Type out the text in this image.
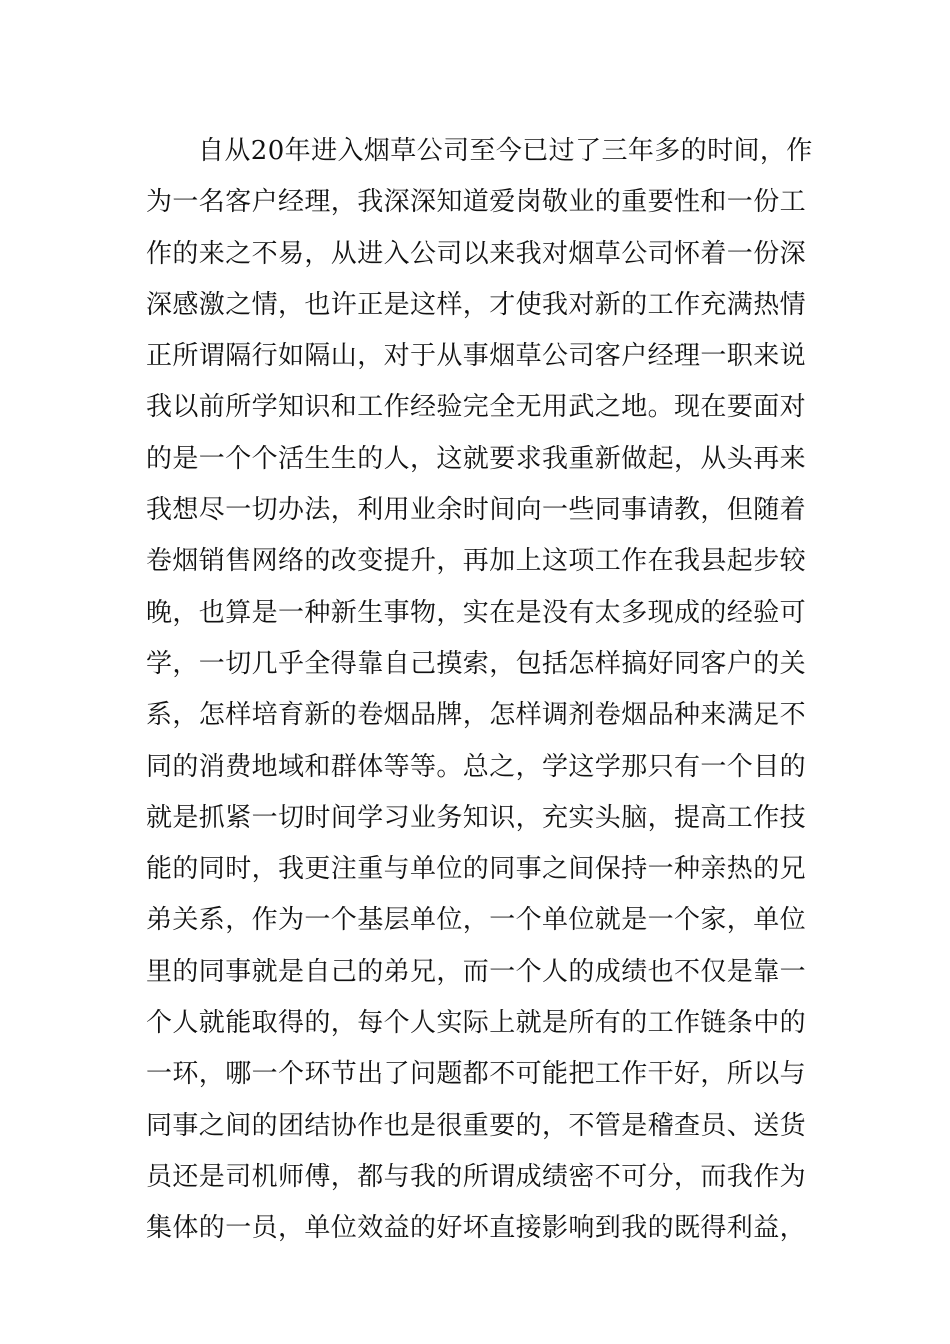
自从20年进入烟草公司至今已过了三年多的时间，作
为一名客户经理，我深深知道爱岗敬业的重要性和一份工
作的来之不易，从进入公司以来我对烟草公司怀着一份深
深感激之情，也许正是这样，才使我对新的工作充满热情
正所谓隔行如隔山，对于从事烟草公司客户经理一职来说
我以前所学知识和工作经验完全无用武之地。现在要面对
的是一个个活生生的人，这就要求我重新做起，从头再来
我想尽一切办法，利用业余时间向一些同事请教，但随着
卷烟销售网络的改变提升，再加上这项工作在我县起步较
晚，也算是一种新生事物，实在是没有太多现成的经验可
学，一切几乎全得靠自己摸索，包括怎样搞好同客户的关
系，怎样培育新的卷烟品牌，怎样调剂卷烟品种来满足不
同的消费地域和群体等等。总之，学这学那只有一个目的
就是抓紧一切时间学习业务知识，充实头脑，提高工作技
能的同时，我更注重与单位的同事之间保持一种亲热的兄
弟关系，作为一个基层单位，一个单位就是一个家，单位
里的同事就是自己的弟兄，而一个人的成绩也不仅是靠一
个人就能取得的，每个人实际上就是所有的工作链条中的
一环，哪一个环节出了问题都不可能把工作干好，所以与
同事之间的团结协作也是很重要的，不管是稽查员、送货
员还是司机师傅，都与我的所谓成绩密不可分，而我作为
集体的一员，单位效益的好坏直接影响到我的既得利益，
